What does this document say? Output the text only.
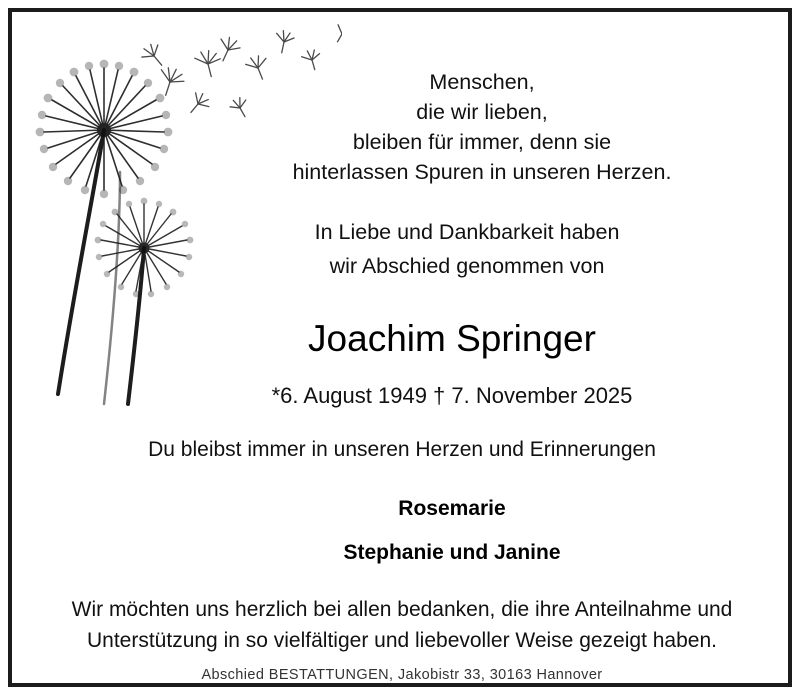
Menschen,
die wir lieben,
bleiben für immer, denn sie
hinterlassen Spuren in unseren Herzen.
In Liebe und Dankbarkeit haben
wir Abschied genommen von
Joachim Springer
*6. August 1949 † 7. November 2025
Du bleibst immer in unseren Herzen und Erinnerungen
Rosemarie
Stephanie und Janine
Wir möchten uns herzlich bei allen bedanken, die ihre Anteilnahme und
Unterstützung in so vielfältiger und liebevoller Weise gezeigt haben.
Abschied BESTATTUNGEN, Jakobistr 33, 30163 Hannover
